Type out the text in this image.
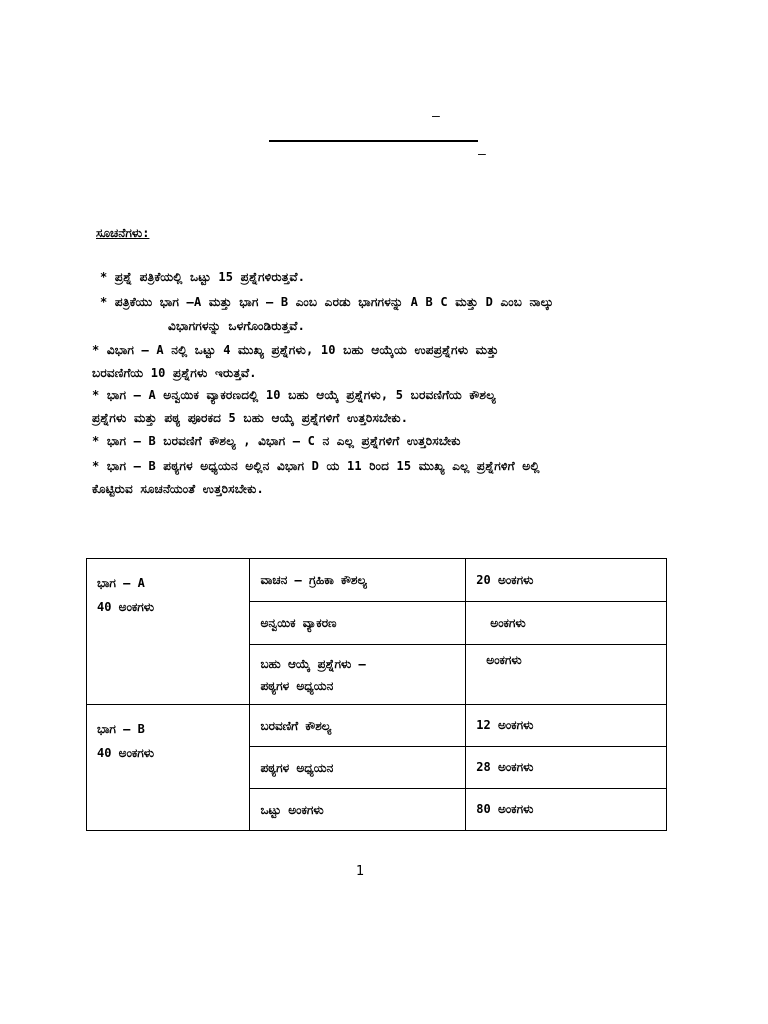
–
–
ಸೂಚನೆಗಳು:
* ಪ್ರಶ್ನೆ ಪತ್ರಿಕೆಯಲ್ಲಿ ಒಟ್ಟು 15 ಪ್ರಶ್ನೆಗಳಿರುತ್ತವೆ.
* ಪತ್ರಿಕೆಯು ಭಾಗ –A ಮತ್ತು ಭಾಗ – B ಎಂಬ ಎರಡು ಭಾಗಗಳನ್ನು A B C ಮತ್ತು D ಎಂಬ ನಾಲ್ಕು
ವಿಭಾಗಗಳನ್ನು ಒಳಗೊಂಡಿರುತ್ತವೆ.
* ವಿಭಾಗ – A ನಲ್ಲಿ ಒಟ್ಟು 4 ಮುಖ್ಯ ಪ್ರಶ್ನೆಗಳು, 10 ಬಹು ಆಯ್ಕೆಯ ಉಪಪ್ರಶ್ನೆಗಳು ಮತ್ತು
ಬರವಣಿಗೆಯ 10 ಪ್ರಶ್ನೆಗಳು ಇರುತ್ತವೆ.
* ಭಾಗ – A ಅನ್ವಯಿಕ ವ್ಯಾಕರಣದಲ್ಲಿ 10 ಬಹು ಆಯ್ಕೆ ಪ್ರಶ್ನೆಗಳು, 5 ಬರವಣಿಗೆಯ ಕೌಶಲ್ಯ
ಪ್ರಶ್ನೆಗಳು ಮತ್ತು ಪಠ್ಯ ಪೂರಕದ 5 ಬಹು ಆಯ್ಕೆ ಪ್ರಶ್ನೆಗಳಿಗೆ ಉತ್ತರಿಸಬೇಕು.
* ಭಾಗ – B ಬರವಣಿಗೆ ಕೌಶಲ್ಯ , ವಿಭಾಗ – C ನ ಎಲ್ಲ ಪ್ರಶ್ನೆಗಳಿಗೆ ಉತ್ತರಿಸಬೇಕು
* ಭಾಗ – B ಪಠ್ಯಗಳ ಅಧ್ಯಯನ ಅಲ್ಲಿನ ವಿಭಾಗ D ಯ 11 ರಿಂದ 15 ಮುಖ್ಯ ಎಲ್ಲ ಪ್ರಶ್ನೆಗಳಿಗೆ ಅಲ್ಲಿ
ಕೊಟ್ಟಿರುವ ಸೂಚನೆಯಂತೆ ಉತ್ತರಿಸಬೇಕು.
ಭಾಗ – A
40 ಅಂಕಗಳು	ವಾಚನ – ಗ್ರಹಿಕಾ ಕೌಶಲ್ಯ	20 ಅಂಕಗಳು
	ಅನ್ವಯಿಕ ವ್ಯಾಕರಣ	ಅಂಕಗಳು

	ಬಹು ಆಯ್ಕೆ ಪ್ರಶ್ನೆಗಳು –
ಪಠ್ಯಗಳ ಅಧ್ಯಯನ	ಅಂಕಗಳು

ಭಾಗ – B
40 ಅಂಕಗಳು	ಬರವಣಿಗೆ ಕೌಶಲ್ಯ	12 ಅಂಕಗಳು
	ಪಠ್ಯಗಳ ಅಧ್ಯಯನ	28 ಅಂಕಗಳು
	ಒಟ್ಟು ಅಂಕಗಳು	80 ಅಂಕಗಳು
1
